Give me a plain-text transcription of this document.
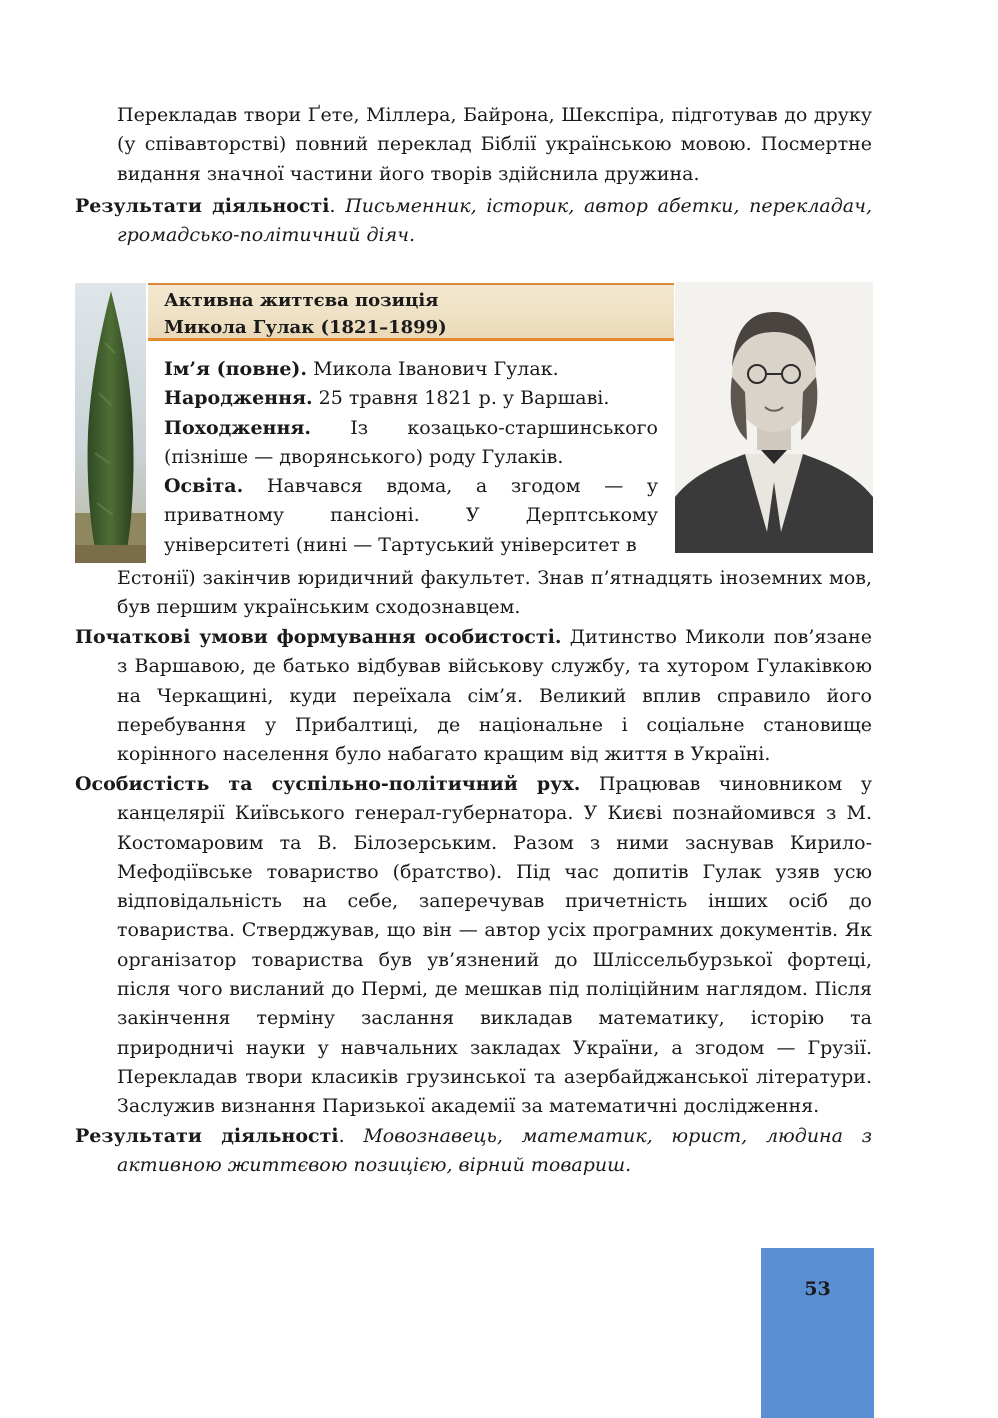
Перекладав твори Ґете, Міллера, Байрона, Шекспіра, підготував до друку (у співавторстві) повний переклад Біблії українською мовою. Посмертне видання значної частини його творів здійснила дружина.
Результати діяльності. Письменник, історик, автор абетки, перекладач, громадсько-політичний діяч.
Активна життєва позиція
Микола Гулак (1821–1899)
Ім’я (повне). Микола Іванович Гулак.
Народження. 25 травня 1821 р. у Варшаві.
Походження. Із козацько-старшинського (пізніше — дворянського) роду Гулаків.
Освіта. Навчався вдома, а згодом — у приватному пансіоні. У Дерптському університеті (нині — Тартуський університет в
Естонії) закінчив юридичний факультет. Знав п’ятнадцять іноземних мов, був першим українським сходознавцем.
Початкові умови формування особистості. Дитинство Миколи пов’язане з Варшавою, де батько відбував військову службу, та хутором Гулаківкою на Черкащині, куди переїхала сім’я. Великий вплив справило його перебування у Прибалтиці, де національне і соціальне становище корінного населення було набагато кращим від життя в Україні.
Особистість та суспільно-політичний рух. Працював чиновником у канцелярії Київського генерал-губернатора. У Києві познайомився з М. Костомаровим та В. Білозерським. Разом з ними заснував Кирило-Мефодіївське товариство (братство). Під час допитів Гулак узяв усю відповідальність на себе, заперечував причетність інших осіб до товариства. Стверджував, що він — автор усіх програмних документів. Як організатор товариства був ув’язнений до Шліссельбурзької фортеці, після чого висланий до Пермі, де мешкав під поліційним наглядом. Після закінчення терміну заслання викладав математику, історію та природничі науки у навчальних закладах України, а згодом — Грузії. Перекладав твори класиків грузинської та азербайджанської літератури. Заслужив визнання Паризької академії за математичні дослідження.
Результати діяльності. Мовознавець, математик, юрист, людина з активною життєвою позицією, вірний товариш.
53
